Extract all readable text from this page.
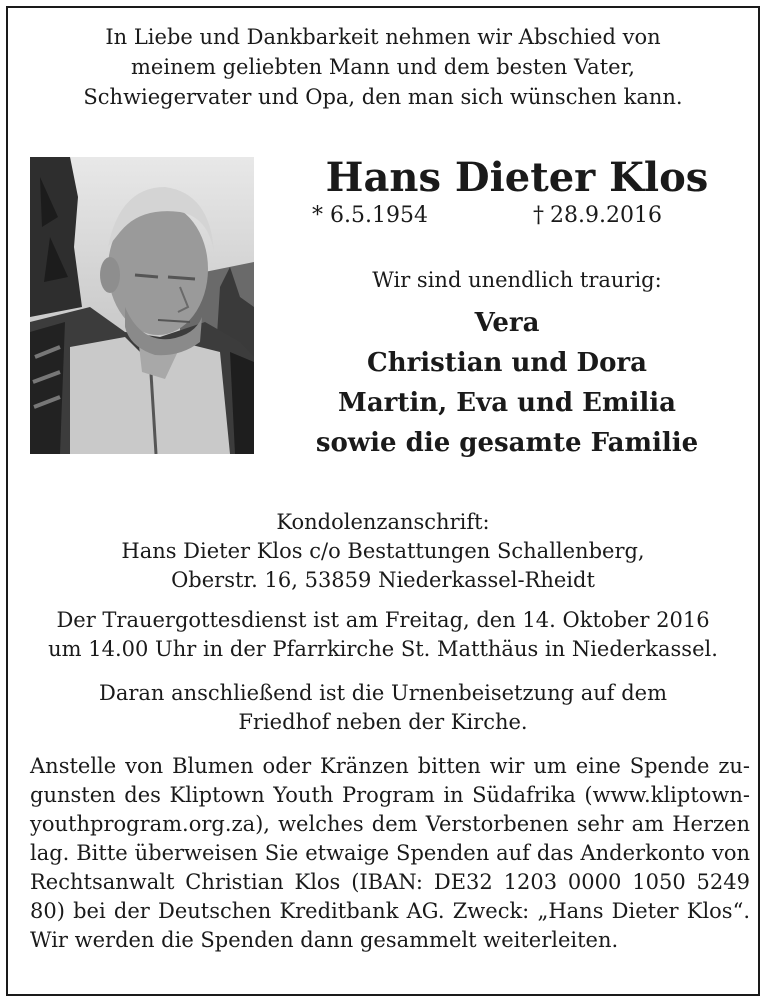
In Liebe und Dankbarkeit nehmen wir Abschied von
meinem geliebten Mann und dem besten Vater,
Schwiegervater und Opa, den man sich wünschen kann.
Hans Dieter Klos
* 6.5.1954	† 28.9.2016
Wir sind unendlich traurig:
Vera
Christian und Dora
Martin, Eva und Emilia
sowie die gesamte Familie
Kondolenzanschrift:
Hans Dieter Klos c/o Bestattungen Schallenberg,
Oberstr. 16, 53859 Niederkassel-Rheidt
Der Trauergottesdienst ist am Freitag, den 14. Oktober 2016
um 14.00 Uhr in der Pfarrkirche St. Matthäus in Niederkassel.
Daran anschließend ist die Urnenbeisetzung auf dem
Friedhof neben der Kirche.
Anstelle von Blumen oder Kränzen bitten wir um eine Spende zu-
gunsten des Kliptown Youth Program in Südafrika (www.kliptown-
youthprogram.org.za), welches dem Verstorbenen sehr am Herzen
lag. Bitte überweisen Sie etwaige Spenden auf das Anderkonto von
Rechtsanwalt Christian Klos (IBAN: DE32 1203 0000 1050 5249
80) bei der Deutschen Kreditbank AG. Zweck: „Hans Dieter Klos“.
Wir werden die Spenden dann gesammelt weiterleiten.
